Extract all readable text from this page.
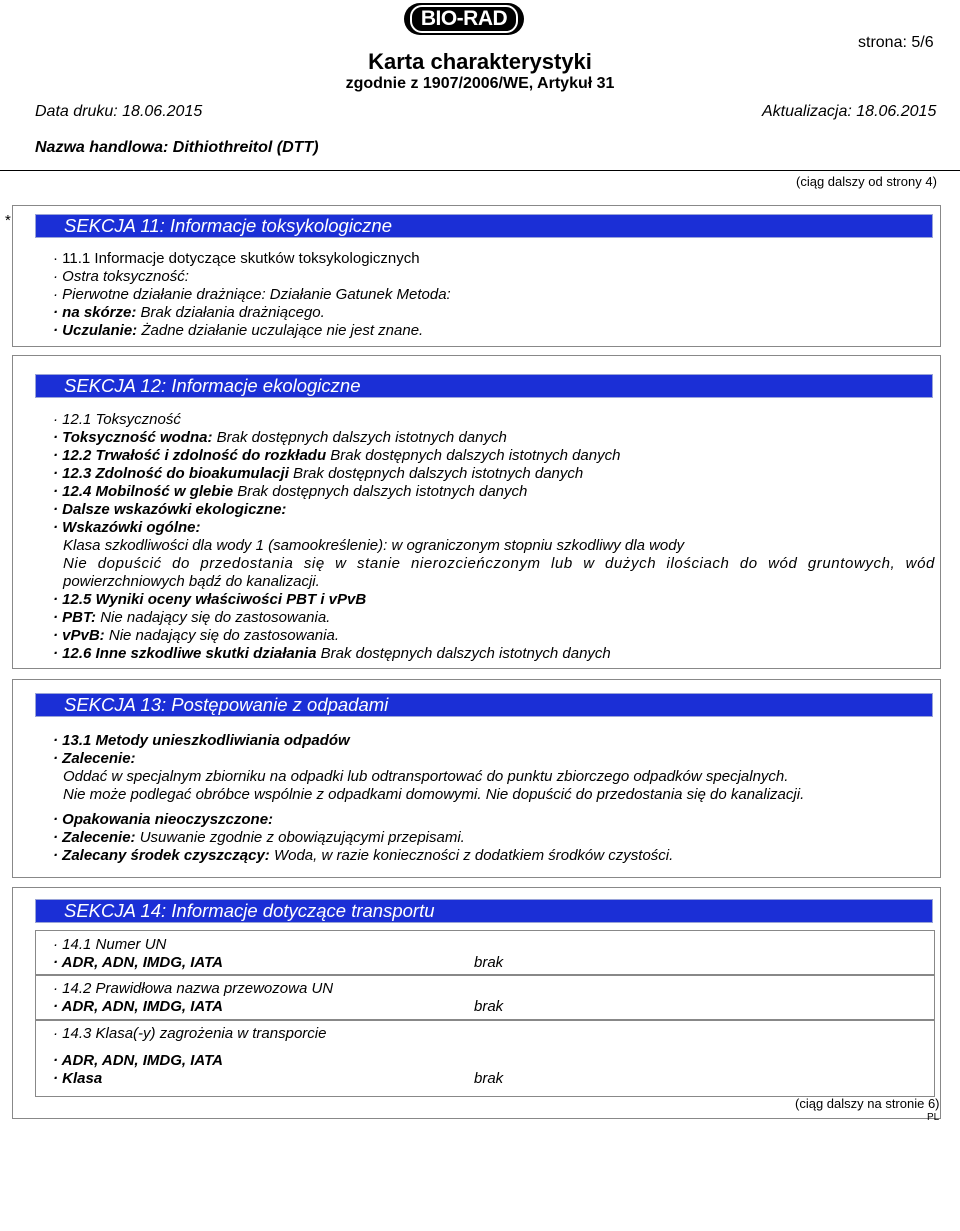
BIO-RAD
strona: 5/6
Karta charakterystyki
zgodnie z 1907/2006/WE, Artykuł 31
Data druku: 18.06.2015	Aktualizacja: 18.06.2015
Nazwa handlowa: Dithiothreitol (DTT)
(ciąg dalszy od strony 4)
*	SEKCJA 11: Informacje toksykologiczne
· 11.1 Informacje dotyczące skutków toksykologicznych
· Ostra toksyczność:
· Pierwotne działanie drażniące: Działanie Gatunek Metoda:
· na skórze: Brak działania drażniącego.
· Uczulanie: Żadne działanie uczulające nie jest znane.
SEKCJA 12: Informacje ekologiczne
· 12.1 Toksyczność
· Toksyczność wodna: Brak dostępnych dalszych istotnych danych
· 12.2 Trwałość i zdolność do rozkładu Brak dostępnych dalszych istotnych danych
· 12.3 Zdolność do bioakumulacji Brak dostępnych dalszych istotnych danych
· 12.4 Mobilność w glebie Brak dostępnych dalszych istotnych danych
· Dalsze wskazówki ekologiczne:
· Wskazówki ogólne:
Klasa szkodliwości dla wody 1 (samookreślenie): w ograniczonym stopniu szkodliwy dla wody
Nie dopuścić do przedostania się w stanie nierozcieńczonym lub w dużych ilościach do wód gruntowych, wód
powierzchniowych bądź do kanalizacji.
· 12.5 Wyniki oceny właściwości PBT i vPvB
· PBT: Nie nadający się do zastosowania.
· vPvB: Nie nadający się do zastosowania.
· 12.6 Inne szkodliwe skutki działania Brak dostępnych dalszych istotnych danych
SEKCJA 13: Postępowanie z odpadami
· 13.1 Metody unieszkodliwiania odpadów
· Zalecenie:
Oddać w specjalnym zbiorniku na odpadki lub odtransportować do punktu zbiorczego odpadków specjalnych.
Nie może podlegać obróbce wspólnie z odpadkami domowymi. Nie dopuścić do przedostania się do kanalizacji.
· Opakowania nieoczyszczone:
· Zalecenie: Usuwanie zgodnie z obowiązującymi przepisami.
· Zalecany środek czyszczący: Woda, w razie konieczności z dodatkiem środków czystości.
SEKCJA 14: Informacje dotyczące transportu
· 14.1 Numer UN
· ADR, ADN, IMDG, IATA	brak
· 14.2 Prawidłowa nazwa przewozowa UN
· ADR, ADN, IMDG, IATA	brak
· 14.3 Klasa(-y) zagrożenia w transporcie
· ADR, ADN, IMDG, IATA
· Klasa	brak
(ciąg dalszy na stronie 6)
PL
